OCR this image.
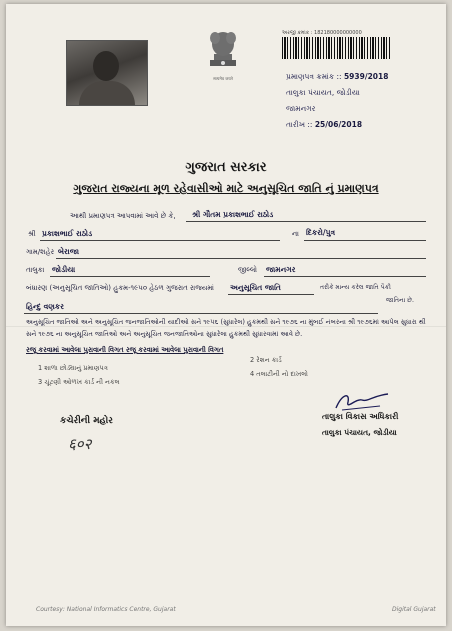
सत्यमेव जयते
અરજી ક્રમાંક : 182180000000000
પ્રમાણપત્ર ક્રમાંક :: 5939/2018
તાલુકા પંચાયત, જોડીયા
જામનગર
તારીખ :: 25/06/2018
ગુજરાત સરકાર
ગુજરાત રાજ્યના મૂળ રહેવાસીઓ માટે અનુસૂચિત જાતિ નું પ્રમાણપત્ર
આથી પ્રમાણપત્ર આપવામાં આવે છે કે, શ્રી ગૌતમ પ્રકાશભાઈ રાઠોડ
શ્રી પ્રકાશભાઈ રાઠોડ	ના દિકરો/પુત્ર
ગામ/શહેર બેરાજા
તાલુકા જોડીયા	જીલ્લો જામનગર
બંધારણ (અનુસૂચિત જાતિઓ) હુકમ-૧૯૫૦ હેઠળ ગુજરાત રાજ્યમાં અનુસૂચિત જાતિ	તરીકે માન્ય કરેલ જાતિ પૈકી
જાતિના છે.
હિન્દુ વણકર
અનુસૂચિત જાતિઓ અને અનુસૂચિત જનજાતિઓની યાદીઓ સને ૧૯૫૬ (સુધારેલ) હુકમથી સને ૧૯૭૬ ના મુંબઈ નંબરના શ્રી ૧૯૭૬માં આપેલ સુધારા થી સને ૧૯૭૬ ના અનુસૂચિત જાતિઓ અને અનુસૂચિત જનજાતિઓના સુધારેલા હુકમથી સુધારવામાં આવે છે.
રજૂ કરવામાં આવેલા પુરાવાની વિગત રજૂ કરવામાં આવેલા પુરાવાની વિગત
1 શાળા છોડ્યાનું પ્રમાણપત્ર
2 રેશન કાર્ડ
3 ચૂંટણી ઓળખ કાર્ડ ની નકલ
4 તલાટીની નો દાખલો
તાલુકા વિકાસ અધિકારી
તાલુકા પંચાયત, જોડીયા
કચેરીની મહોર
६०२
Courtesy: National Informatics Centre, Gujarat	Digital Gujarat
